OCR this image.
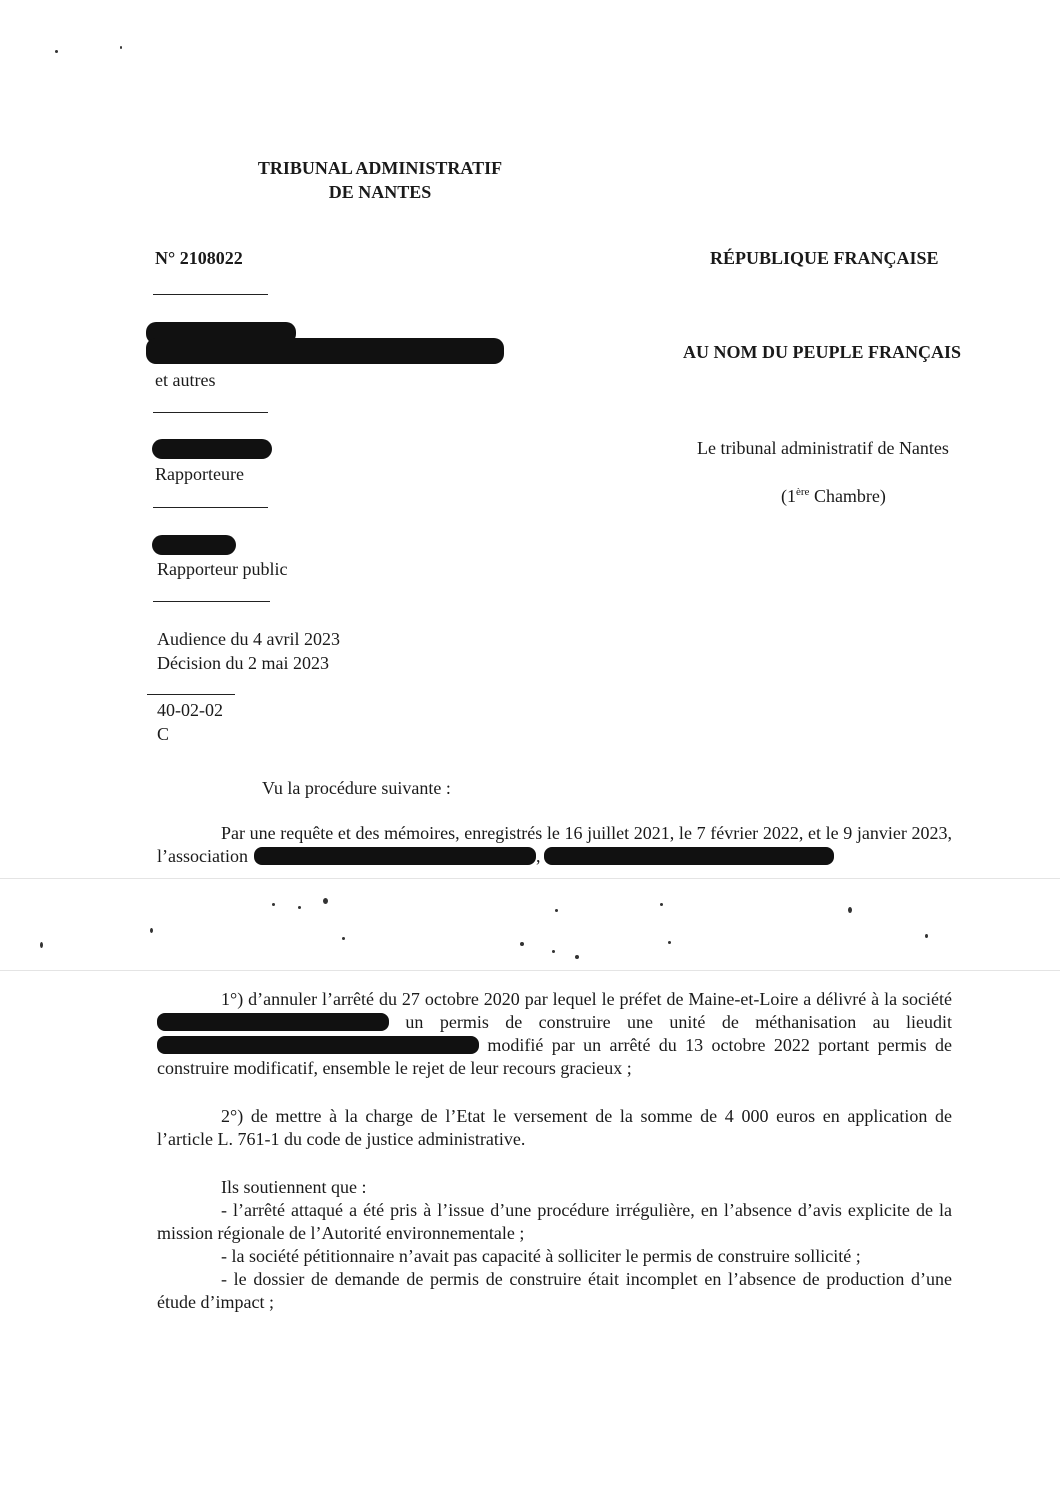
TRIBUNAL ADMINISTRATIF
DE NANTES
N° 2108022	RÉPUBLIQUE FRANÇAISE
AU NOM DU PEUPLE FRANÇAIS
et autres
Rapporteure
Le tribunal administratif de Nantes
(1ère Chambre)
Rapporteur public
Audience du 4 avril 2023
Décision du 2 mai 2023
40-02-02
C
Vu la procédure suivante :
Par une requête et des mémoires, enregistrés le 16 juillet 2021, le 7 février 2022, et le 9 janvier 2023, l’association	,
1°) d’annuler l’arrêté du 27 octobre 2020 par lequel le préfet de Maine-et-Loire a délivré à la société  un permis de construire une unité de méthanisation au lieudit  modifié par un arrêté du 13 octobre 2022 portant permis de construire modificatif, ensemble le rejet de leur recours gracieux ;
2°) de mettre à la charge de l’Etat le versement de la somme de 4 000 euros en application de l’article L. 761-1 du code de justice administrative.
Ils soutiennent que :
- l’arrêté attaqué a été pris à l’issue d’une procédure irrégulière, en l’absence d’avis explicite de la mission régionale de l’Autorité environnementale ;
- la société pétitionnaire n’avait pas capacité à solliciter le permis de construire sollicité ;
- le dossier de demande de permis de construire était incomplet en l’absence de production d’une étude d’impact ;
